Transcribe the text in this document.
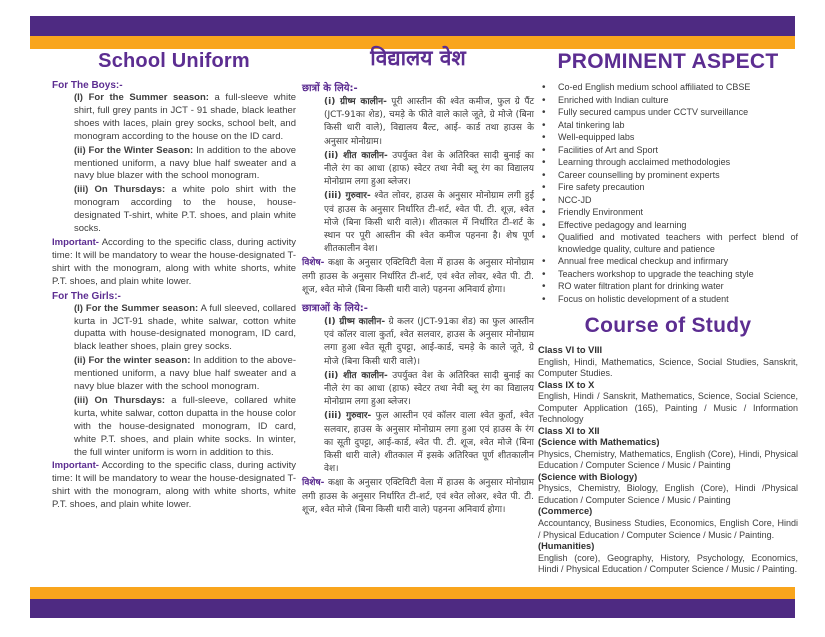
School Uniform
For The Boys:-

(I) For the Summer season: a full-sleeve white shirt, full grey pants in JCT - 91 shade, black leather shoes with laces, plain grey socks, school belt, and monogram according to the house on the ID card.

(ii) For the Winter Season: In addition to the above mentioned uniform, a navy blue half sweater and a navy blue blazer with the school monogram.

(iii) On Thursdays: a white polo shirt with the monogram according to the house, house-designated T-shirt, white P.T. shoes, and plain white socks.

Important- According to the specific class, during activity time: It will be mandatory to wear the house-designated T-shirt with the monogram, along with white shorts, white P.T. shoes, and plain white lower.

For The Girls:-

(I) For the Summer season: A full sleeved, collared kurta in JCT-91 shade, white salwar, cotton white dupatta with house-designated monogram, ID card, black leather shoes, plain grey socks.

(ii) For the winter season: In addition to the above-mentioned uniform, a navy blue half sweater and a navy blue blazer with the school monogram.

(iii) On Thursdays: a full-sleeve, collared white kurta, white salwar, cotton dupatta in the house color with the house-designated monogram, ID card, white P.T. shoes, and plain white socks. In winter, the full winter uniform is worn in addition to this.

Important- According to the specific class, during activity time: It will be mandatory to wear the house-designated T-shirt with the monogram, along with white shorts, white P.T. shoes, and plain white lower.

विद्यालय वेश
छात्रों के लिये:-

(i) ग्रीष्म कालीन- पूरी आस्तीन की श्वेत कमीज, फुल ग्रे पैंट (JCT-91का शेड), चमड़े के फीते वाले काले जूते, ग्रे मोजे (बिना किसी धारी वाले), विद्यालय बैल्ट, आई- कार्ड तथा हाउस के अनुसार मोनोग्राम।

(ii) शीत कालीन- उपर्युक्त वेश के अतिरिक्त सादी बुनाई का नीले रंग का आधा (हाफ) स्वेटर तथा नेवी ब्लू रंग का विद्यालय मोनोग्राम लगा हुआ ब्लेजर।

(iii) गुरुवार- श्वेत लोवर, हाउस के अनुसार मोनोग्राम लगी हुई एवं हाउस के अनुसार निर्धारित टी-शर्ट, श्वेत पी. टी. शूज़, श्वेत मोजे (बिना किसी धारी वाले)। शीतकाल में निर्धारित टी-शर्ट के स्थान पर पूरी आस्तीन की श्वेत कमीज पहनना है। शेष पूर्ण शीतकालीन वेश।

विशेष- कक्षा के अनुसार एक्टिविटी वेला में हाउस के अनुसार मोनोग्राम लगी हाउस के अनुसार निर्धारित टी-शर्ट, एवं श्वेत लोवर, श्वेत पी. टी. शूज, श्वेत मोजे (बिना किसी धारी वाले) पहनना अनिवार्य होगा।

छात्राओं के लिये:-

(I) ग्रीष्म कालीन- ग्रे कलर (JCT-91का शेड) का फुल आस्तीन एवं कॉलर वाला कुर्ता, श्वेत सलवार, हाउस के अनुसार मोनोग्राम लगा हुआ श्वेत सूती दुपट्टा, आई-कार्ड, चमड़े के काले जूते, ग्रे मोजे (बिना किसी धारी वाले)।

(ii) शीत कालीन- उपर्युक्त वेश के अतिरिक्त सादी बुनाई का नीले रंग का आधा (हाफ) स्वेटर तथा नेवी ब्लू रंग का विद्यालय मोनोग्राम लगा हुआ ब्लेजर।

(iii) गुरुवार- फुल आस्तीन एवं कॉलर वाला श्वेत कुर्ता, श्वेत सलवार, हाउस के अनुसार मोनोग्राम लगा हुआ एवं हाउस के रंग का सूती दुपट्टा, आई-कार्ड, श्वेत पी. टी. शूज, श्वेत मोजे (बिना किसी धारी वाले) शीतकाल में इसके अतिरिक्त पूर्ण शीतकालीन वेश।

विशेष- कक्षा के अनुसार एक्टिविटी वेला में हाउस के अनुसार मोनोग्राम लगी हाउस के अनुसार निर्धारित टी-शर्ट, एवं श्वेत लोअर, श्वेत पी. टी. शूज, श्वेत मोजे (बिना किसी धारी वाले) पहनना अनिवार्य होगा।

PROMINENT ASPECT
• Co-ed English medium school affiliated to CBSE
• Enriched with Indian culture
• Fully secured campus under CCTV surveillance
• Atal tinkering lab
• Well-equipped labs
• Facilities of Art and Sport
• Learning through acclaimed methodologies
• Career counselling by prominent experts
• Fire safety precaution
• NCC-JD
• Friendly Environment
• Effective pedagogy and learning
• Qualified and motivated teachers with perfect blend of knowledge quality, culture and patience
• Annual free medical checkup and infirmary
• Teachers workshop to upgrade the teaching style
• RO water filtration plant for drinking water
• Focus on holistic development of a student
Course of Study

Class VI to VIII

English, Hindi, Mathematics, Science, Social Studies, Sanskrit, Computer Studies.

Class IX to X

English, Hindi / Sanskrit, Mathematics, Science, Social Science, Computer Application (165), Painting / Music / Information Technology

Class XI to XII

(Science with Mathematics)

Physics, Chemistry, Mathematics, English (Core), Hindi, Physical Education / Computer Science / Music / Painting

(Science with Biology)

Physics, Chemistry, Biology, English (Core), Hindi /Physical Education / Computer Science / Music / Painting

(Commerce)

Accountancy, Business Studies, Economics, English Core, Hindi / Physical Education / Computer Science / Music / Painting.

(Humanities)

English (core), Geography, History, Psychology, Economics, Hindi / Physical Education / Computer Science / Music / Painting.
